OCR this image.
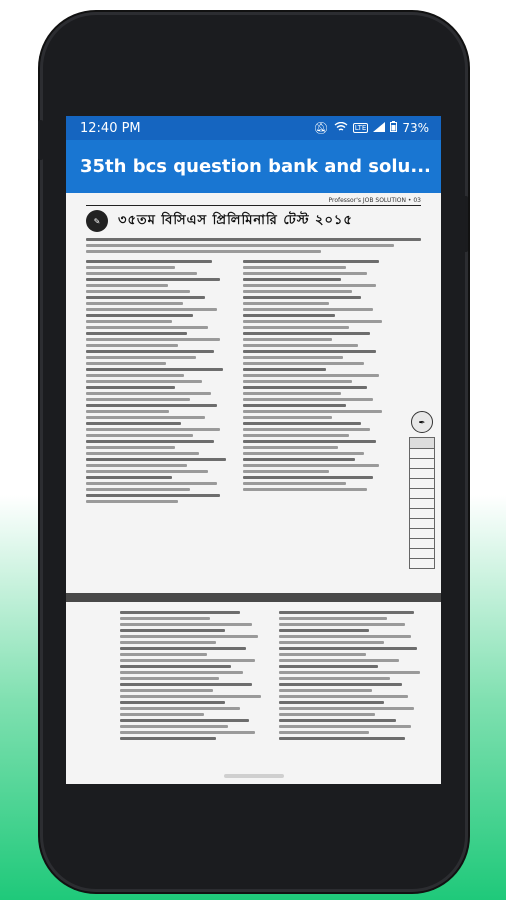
12:40 PM	🔕︎	LTE	73%
35th bcs question bank and solu...
Professor's JOB SOLUTION • 03
✎	৩৫তম বিসিএস প্রিলিমিনারি টেস্ট ২০১৫
✒
